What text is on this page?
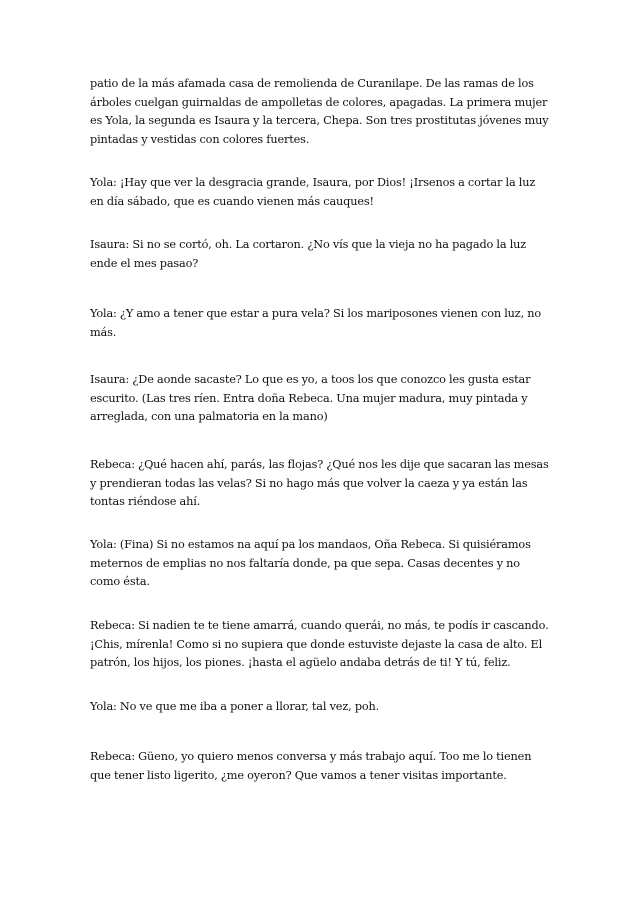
patio de la más afamada casa de remolienda de Curanilape. De las ramas de los árboles cuelgan guirnaldas de ampolletas de colores, apagadas. La primera mujer es Yola, la segunda es Isaura y la tercera, Chepa. Son tres prostitutas jóvenes muy pintadas y vestidas con colores fuertes.

Yola: ¡Hay que ver la desgracia grande, Isaura, por Dios! ¡Irsenos a cortar la luz en día sábado, que es cuando vienen más cauques!

Isaura: Si no se cortó, oh. La cortaron. ¿No vís que la vieja no ha pagado la luz ende el mes pasao?

Yola: ¿Y amo a tener que estar a pura vela? Si los mariposones vienen con luz, no más.

Isaura: ¿De aonde sacaste? Lo que es yo, a toos los que conozco les gusta estar escurito. (Las tres ríen. Entra doña Rebeca. Una mujer madura, muy pintada y arreglada, con una palmatoria en la mano)

Rebeca: ¿Qué hacen ahí, parás, las flojas? ¿Qué nos les dije que sacaran las mesas y prendieran todas las velas? Si no hago más que volver la caeza y ya están las tontas riéndose ahí.

Yola: (Fina) Si no estamos na aquí pa los mandaos, Oña Rebeca. Si quisiéramos meternos de emplias no nos faltaría donde, pa que sepa. Casas decentes y no como ésta.

Rebeca: Si nadien te te tiene amarrá, cuando querái, no más, te podís ir cascando. ¡Chis, mírenla! Como si no supiera que donde estuviste dejaste la casa de alto. El patrón, los hijos, los piones. ¡hasta el agüelo andaba detrás de ti! Y tú, feliz.

Yola: No ve que me iba a poner a llorar, tal vez, poh.

Rebeca: Güeno, yo quiero menos conversa y más trabajo aquí. Too me lo tienen que tener listo ligerito, ¿me oyeron? Que vamos a tener visitas importante.
